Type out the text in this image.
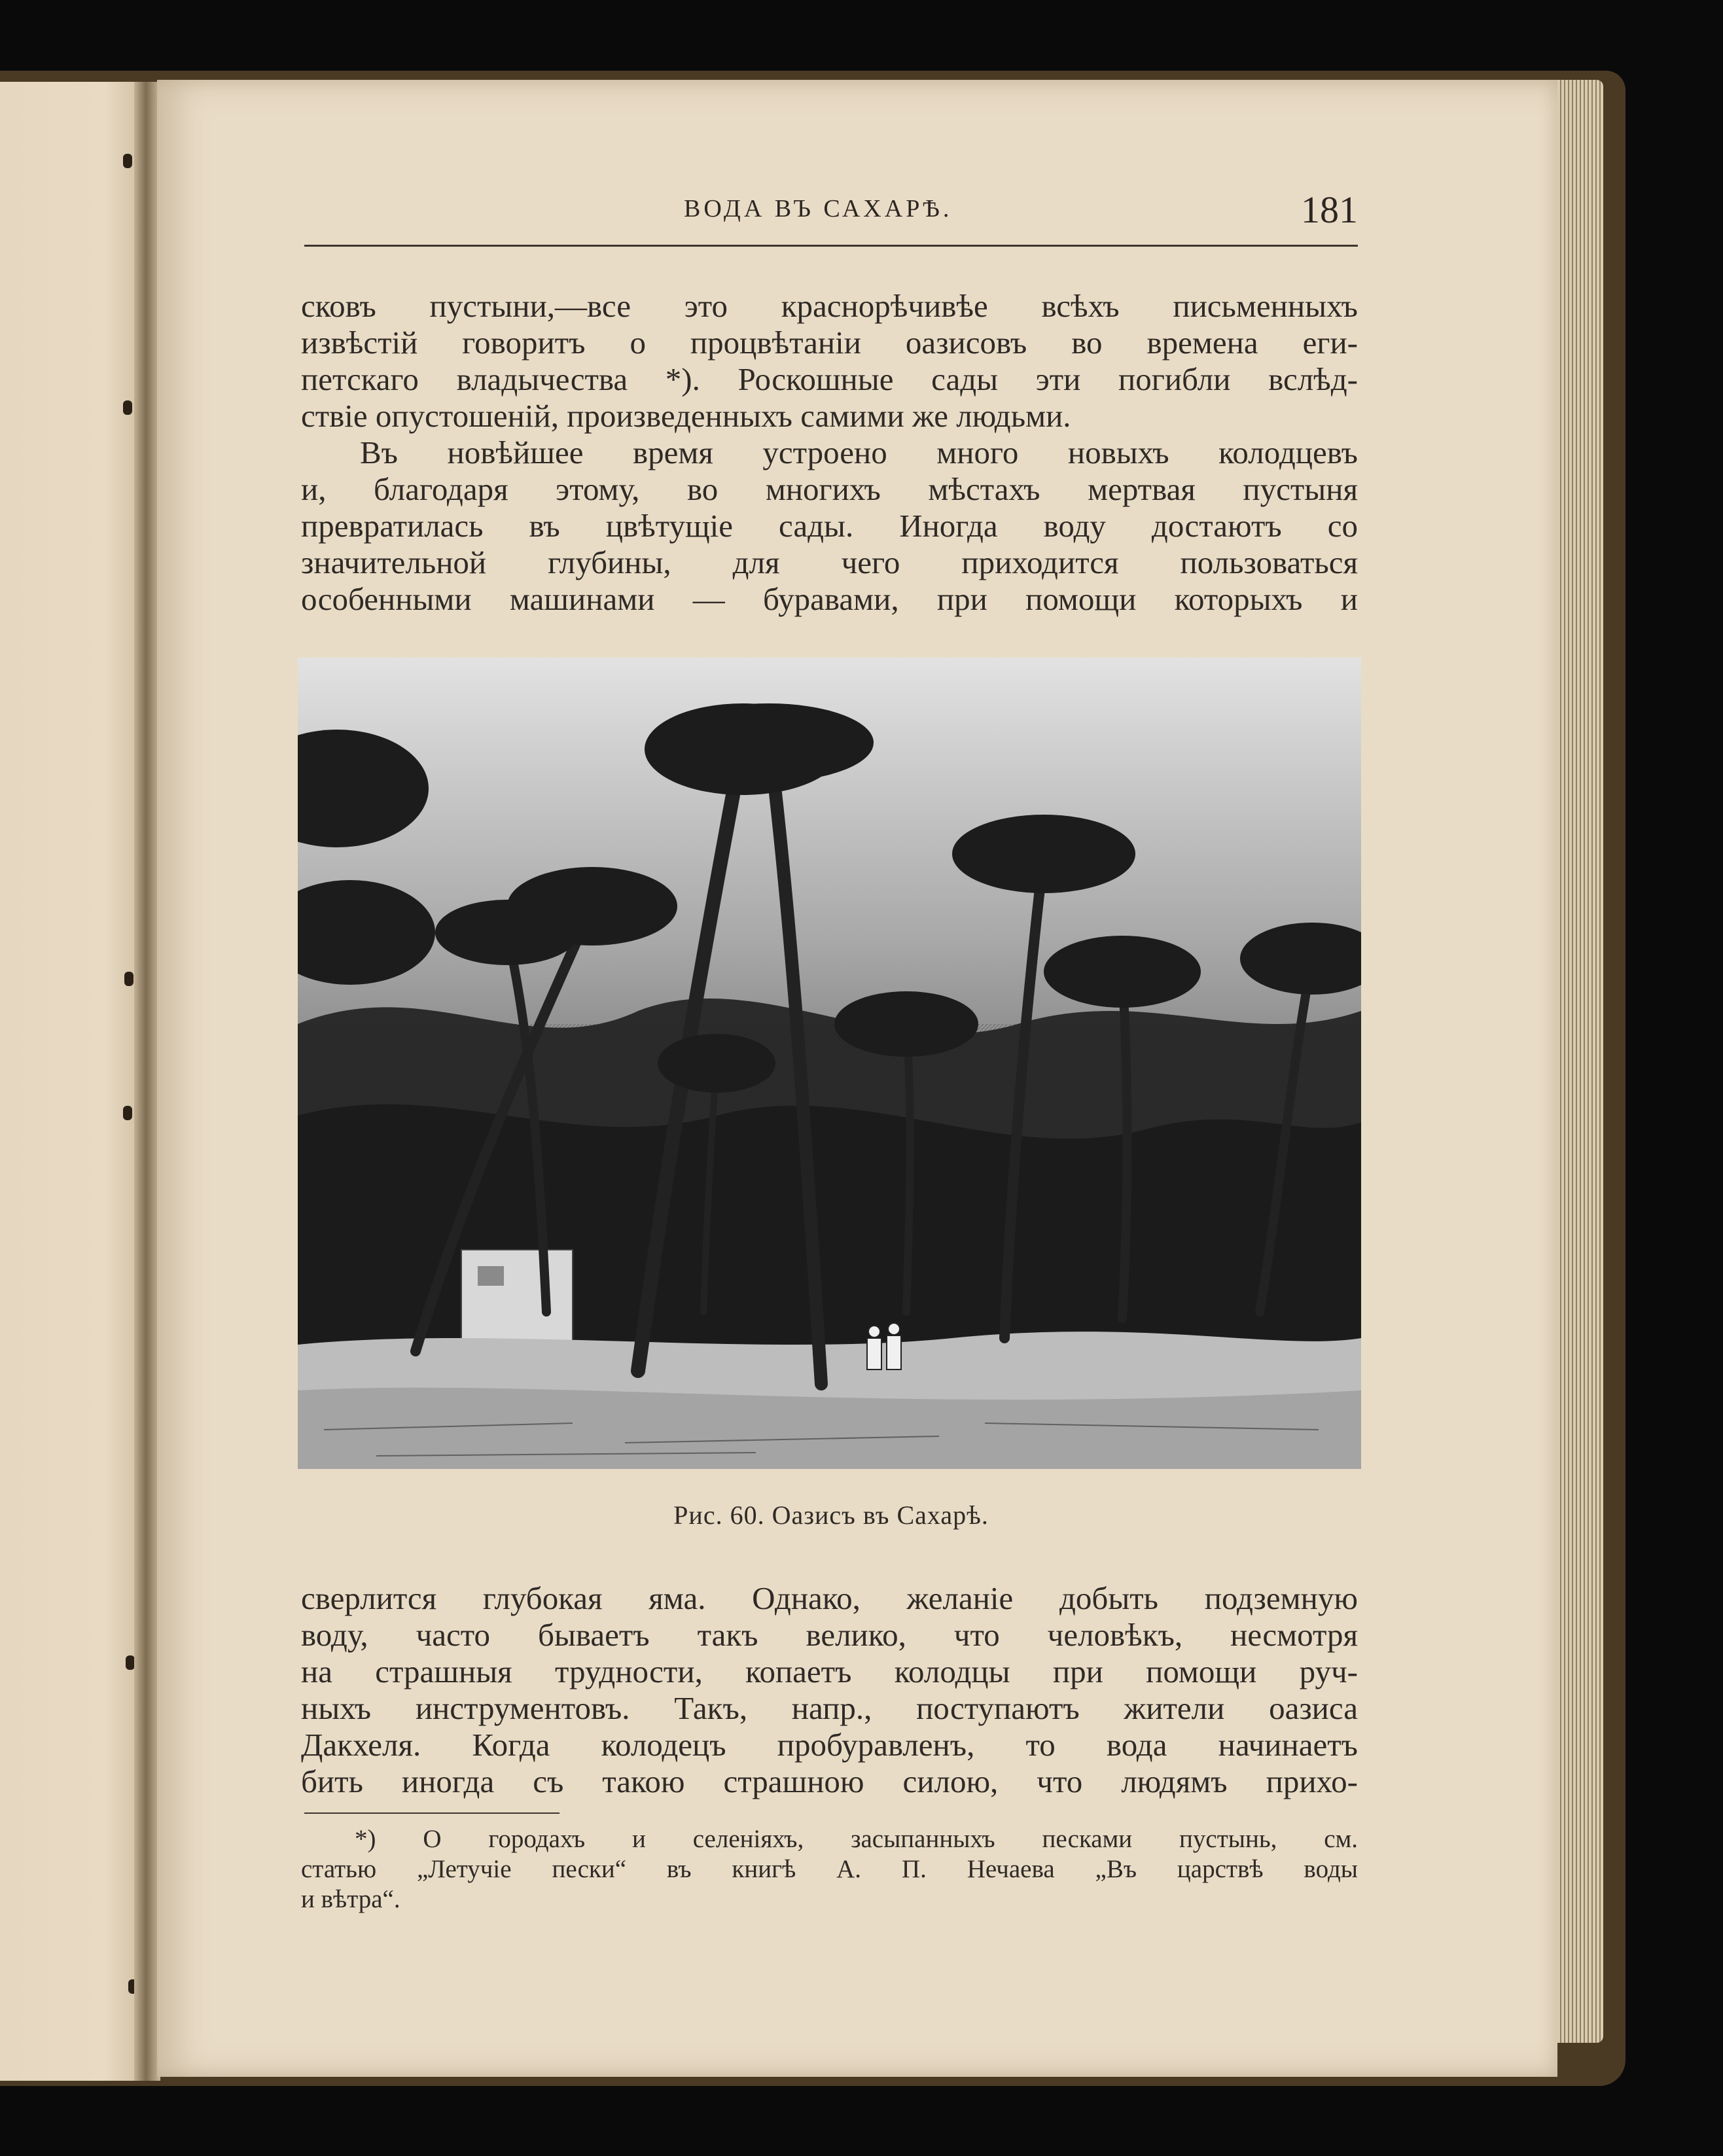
ВОДА ВЪ САХАРѢ.	181
сковъ пустыни,—все это краснорѣчивѣе всѣхъ письменныхъ
извѣстій говоритъ о процвѣтаніи оазисовъ во времена еги-
петскаго владычества *). Роскошные сады эти погибли вслѣд-
ствіе опустошеній, произведенныхъ самими же людьми.
Въ новѣйшее время устроено много новыхъ колодцевъ
и, благодаря этому, во многихъ мѣстахъ мертвая пустыня
превратилась въ цвѣтущіе сады. Иногда воду достаютъ со
значительной глубины, для чего приходится пользоваться
особенными машинами — буравами, при помощи которыхъ и
Рис. 60. Оазисъ въ Сахарѣ.
сверлится глубокая яма. Однако, желаніе добыть подземную
воду, часто бываетъ такъ велико, что человѣкъ, несмотря
на страшныя трудности, копаетъ колодцы при помощи руч-
ныхъ инструментовъ. Такъ, напр., поступаютъ жители оазиса
Дакхеля. Когда колодецъ пробуравленъ, то вода начинаетъ
бить иногда съ такою страшною силою, что людямъ прихо-
*) О городахъ и селеніяхъ, засыпанныхъ песками пустынь, см.
статью „Летучіе пески“ въ книгѣ А. П. Нечаева „Въ царствѣ воды
и вѣтра“.
